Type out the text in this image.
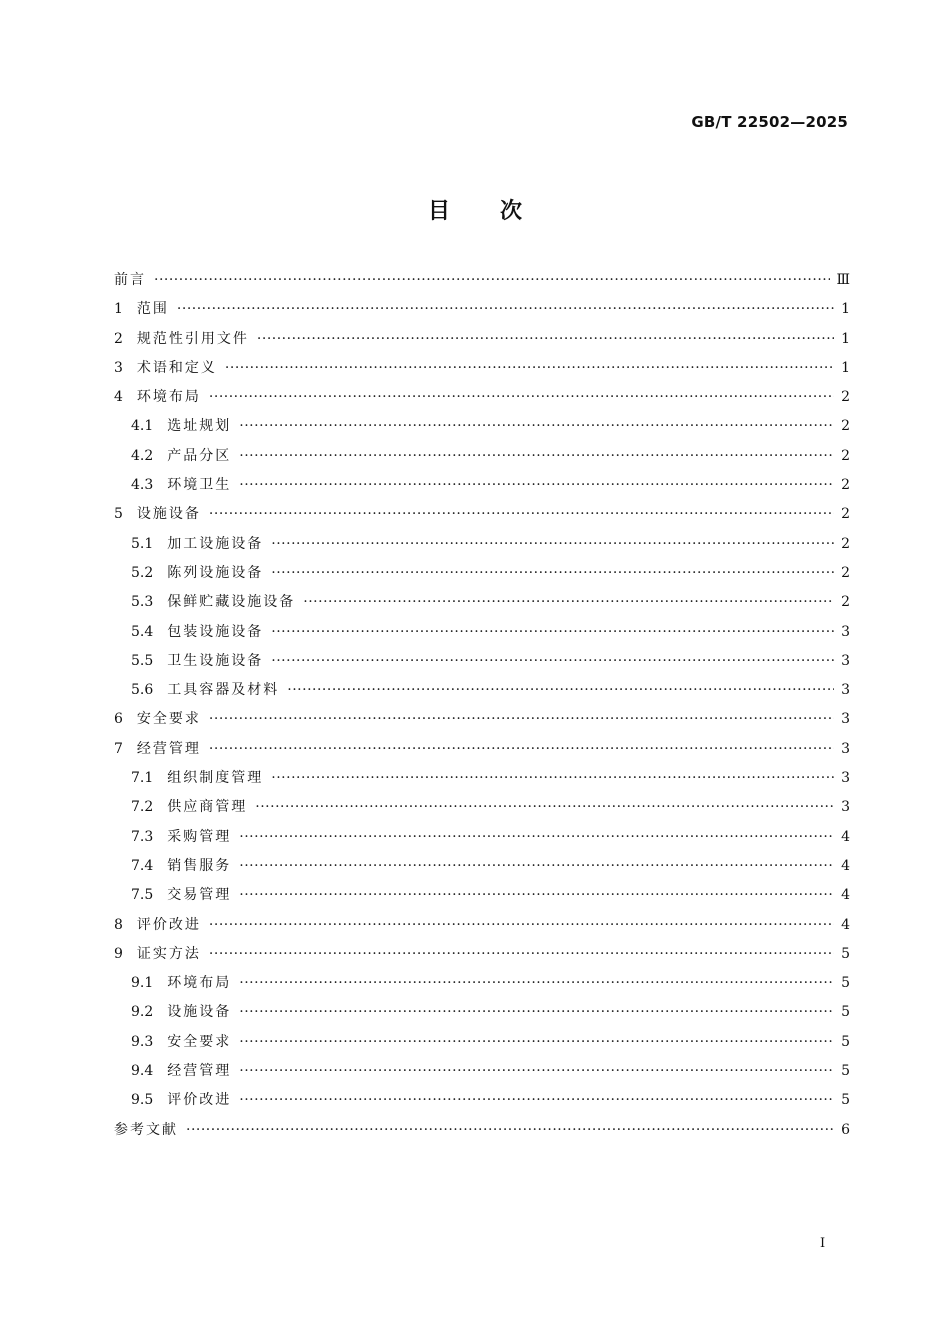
GB/T 22502—2025
目次
前言 ·····	Ⅲ
1 范围 ·····	1
2 规范性引用文件 ·····	1
3 术语和定义 ·····	1
4 环境布局 ·····	2
4.1 选址规划 ·····	2
4.2 产品分区 ·····	2
4.3 环境卫生 ·····	2
5 设施设备 ·····	2
5.1 加工设施设备 ·····	2
5.2 陈列设施设备 ·····	2
5.3 保鲜贮藏设施设备 ·····	2
5.4 包装设施设备 ·····	3
5.5 卫生设施设备 ·····	3
5.6 工具容器及材料 ·····	3
6 安全要求 ·····	3
7 经营管理 ·····	3
7.1 组织制度管理 ·····	3
7.2 供应商管理 ·····	3
7.3 采购管理 ·····	4
7.4 销售服务 ·····	4
7.5 交易管理 ·····	4
8 评价改进 ·····	4
9 证实方法 ·····	5
9.1 环境布局 ·····	5
9.2 设施设备 ·····	5
9.3 安全要求 ·····	5
9.4 经营管理 ·····	5
9.5 评价改进 ·····	5
参考文献 ·····	6
I
